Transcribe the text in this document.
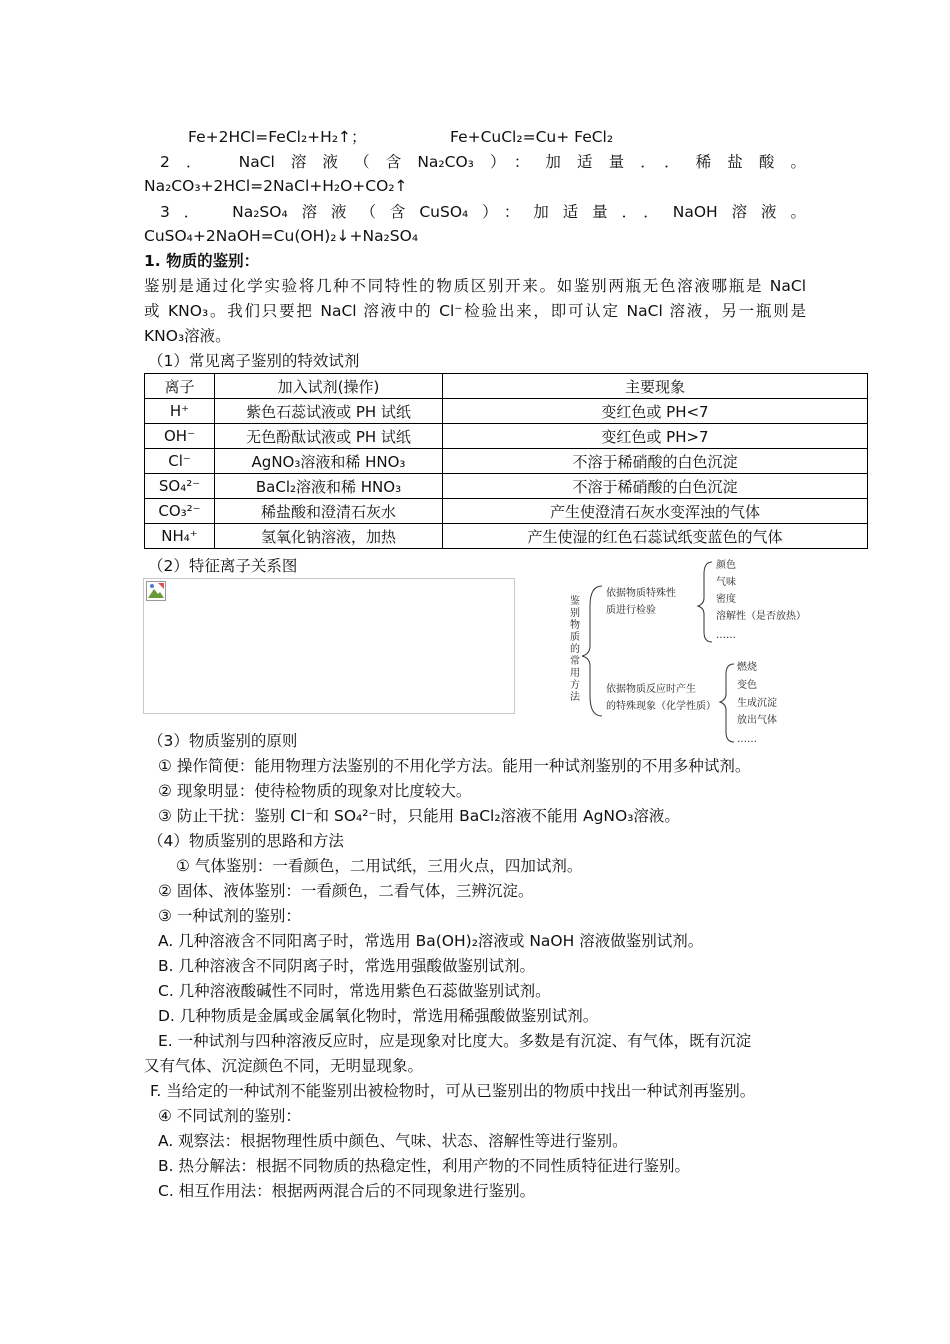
Fe+2HCl=FeCl₂+H₂↑；	Fe+CuCl₂=Cu+ FeCl₂
2． NaCl溶液（含Na₂CO₃）：加适量．．稀盐酸。
Na₂CO₃+2HCl=2NaCl+H₂O+CO₂↑
3． Na₂SO₄溶液（含CuSO₄）：加适量．．NaOH溶液。
CuSO₄+2NaOH=Cu(OH)₂↓+Na₂SO₄
1. 物质的鉴别：
鉴别是通过化学实验将几种不同特性的物质区别开来。如鉴别两瓶无色溶液哪瓶是 NaCl
或 KNO₃。我们只要把 NaCl 溶液中的 Cl⁻检验出来，即可认定 NaCl 溶液，另一瓶则是
KNO₃溶液。
（1）常见离子鉴别的特效试剂
离子	加入试剂(操作)	主要现象
H⁺	紫色石蕊试液或 PH 试纸	变红色或 PH<7
OH⁻	无色酚酞试液或 PH 试纸	变红色或 PH>7
Cl⁻	AgNO₃溶液和稀 HNO₃	不溶于稀硝酸的白色沉淀
SO₄²⁻	BaCl₂溶液和稀 HNO₃	不溶于稀硝酸的白色沉淀
CO₃²⁻	稀盐酸和澄清石灰水	产生使澄清石灰水变浑浊的气体
NH₄⁺	氢氧化钠溶液，加热	产生使湿的红色石蕊试纸变蓝色的气体
（2）特征离子关系图
鉴
别
物
质
的
常
用
方
法
依据物质特殊性
质进行检验
依据物质反应时产生
的特殊现象（化学性质）
颜色
气味
密度
溶解性（是否放热）
……
燃烧
变色
生成沉淀
放出气体
……
（3）物质鉴别的原则
① 操作简便：能用物理方法鉴别的不用化学方法。能用一种试剂鉴别的不用多种试剂。
② 现象明显：使待检物质的现象对比度较大。
③ 防止干扰：鉴别 Cl⁻和 SO₄²⁻时，只能用 BaCl₂溶液不能用 AgNO₃溶液。
（4）物质鉴别的思路和方法
① 气体鉴别：一看颜色，二用试纸，三用火点，四加试剂。
② 固体、液体鉴别：一看颜色，二看气体，三辨沉淀。
③ 一种试剂的鉴别：
A. 几种溶液含不同阳离子时，常选用 Ba(OH)₂溶液或 NaOH 溶液做鉴别试剂。
B. 几种溶液含不同阴离子时，常选用强酸做鉴别试剂。
C. 几种溶液酸碱性不同时，常选用紫色石蕊做鉴别试剂。
D. 几种物质是金属或金属氧化物时，常选用稀强酸做鉴别试剂。
E. 一种试剂与四种溶液反应时，应是现象对比度大。多数是有沉淀、有气体，既有沉淀
又有气体、沉淀颜色不同，无明显现象。
F. 当给定的一种试剂不能鉴别出被检物时，可从已鉴别出的物质中找出一种试剂再鉴别。
④ 不同试剂的鉴别：
A. 观察法：根据物理性质中颜色、气味、状态、溶解性等进行鉴别。
B. 热分解法：根据不同物质的热稳定性，利用产物的不同性质特征进行鉴别。
C. 相互作用法：根据两两混合后的不同现象进行鉴别。
